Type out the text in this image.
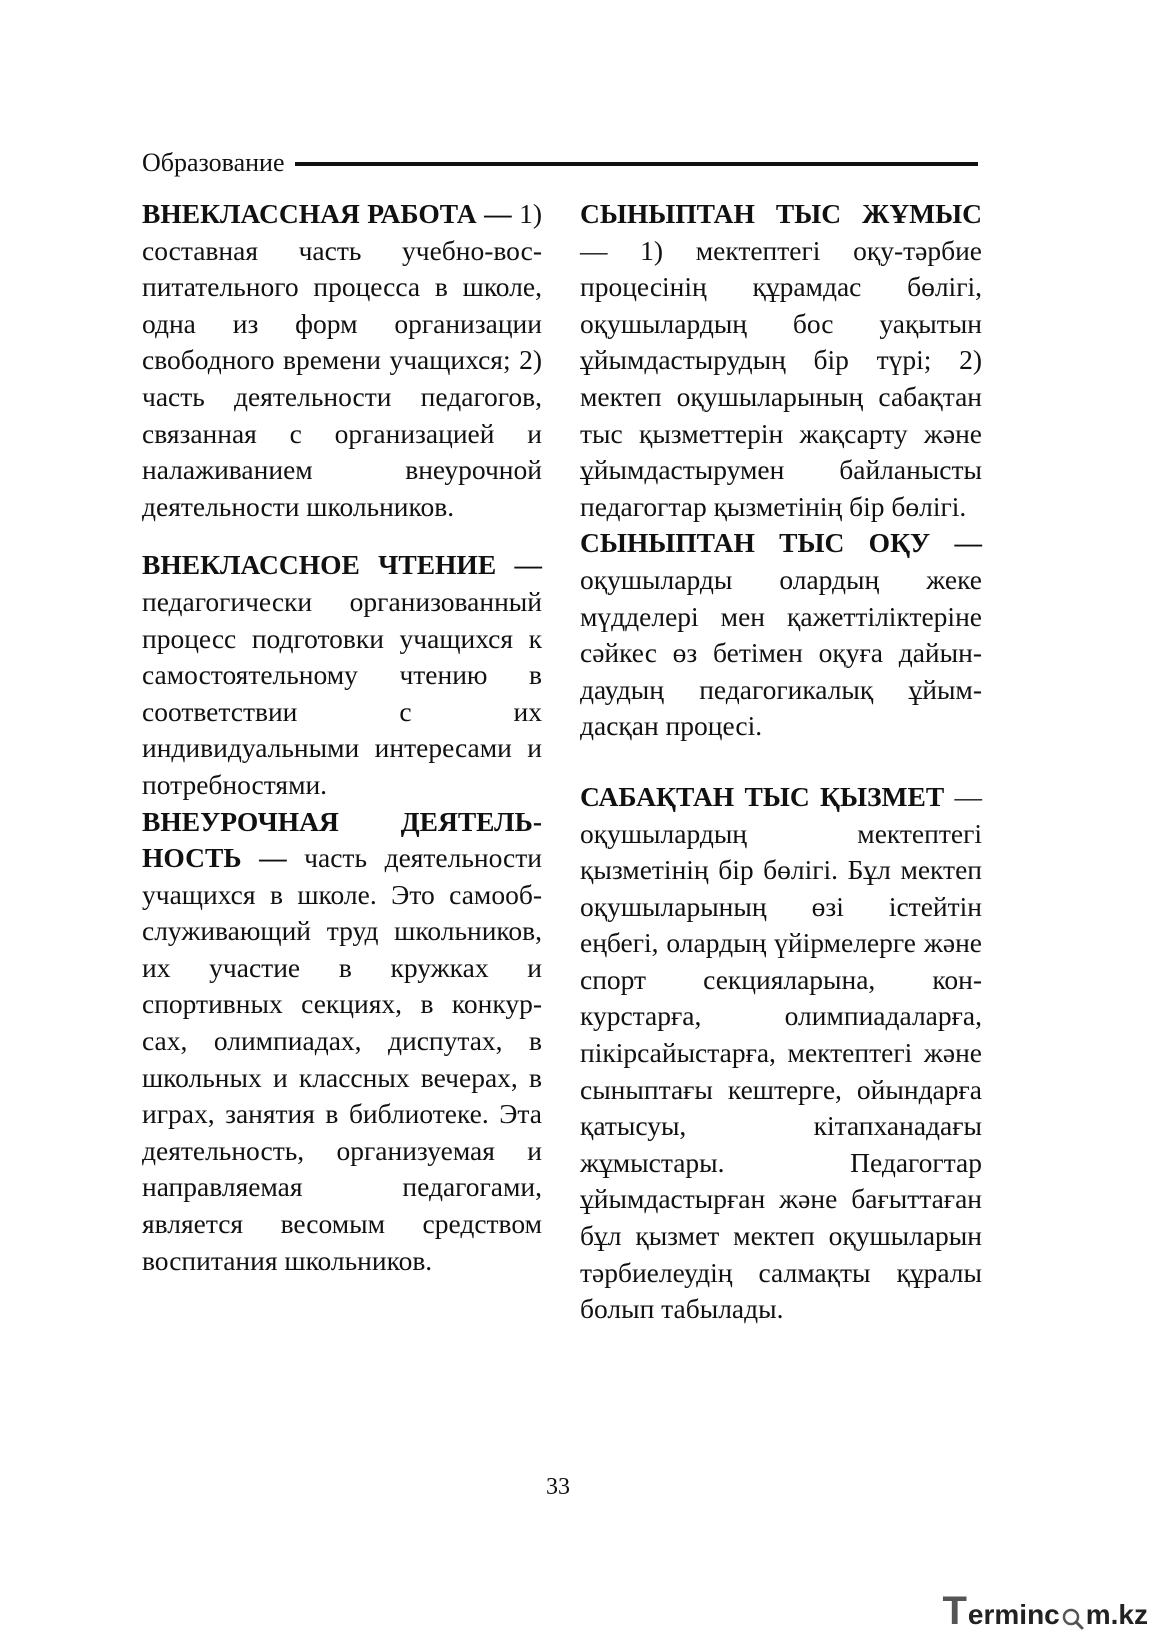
Образование

ВНЕКЛАССНАЯ РАБОТА — 1) составная часть учебно-воспитательного процесса в школе, одна из форм организации свободного времени учащихся; 2) часть деятельности педагогов, связанная с организацией и налаживанием внеурочной деятельности школьников.

ВНЕКЛАССНОЕ ЧТЕНИЕ — педагогически организованный процесс подготовки учащихся к самостоятельному чтению в соответствии с их индивидуальными интересами и потребностями.

ВНЕУРОЧНАЯ ДЕЯТЕЛЬНОСТЬ — часть деятельности учащихся в школе. Это самообслуживающий труд школьников, их участие в кружках и спортивных секциях, в конкурсах, олимпиадах, диспутах, в школьных и классных вечерах, в играх, занятия в библиотеке. Эта деятельность, организуемая и направляемая педагогами, является весомым средством воспитания школьников.

СЫНЫПТАН ТЫС ЖҰМЫС — 1) мектептегі оқу-тәрбие процесінің құрамдас бөлігі, оқушылардың бос уақытын ұйымдастырудың бір түрі; 2) мектеп оқушыларының сабақтан тыс қызметтерін жақсарту және ұйымдастырумен байланысты педагогтар қызметінің бір бөлігі.

СЫНЫПТАН ТЫС ОҚУ — оқушыларды олардың жеке мүдделері мен қажеттіліктеріне сәйкес өз бетімен оқуға дайындаудың педагогикалық ұйымдасқан процесі.

САБАҚТАН ТЫС ҚЫЗМЕТ — оқушылардың мектептегі қызметінің бір бөлігі. Бұл мектеп оқушыларының өзі істейтін еңбегі, олардың үйірмелерге және спорт секцияларына, конкурстарға, олимпиадаларға, пікірсайыстарға, мектептегі және сыныптағы кештерге, ойындарға қатысуы, кітапханадағы жұмыстары. Педагогтар ұйымдастырған және бағыттаған бұл қызмет мектеп оқушыларын тәрбиелеудің салмақты құралы болып табылады.

33
T erminc m.kz
